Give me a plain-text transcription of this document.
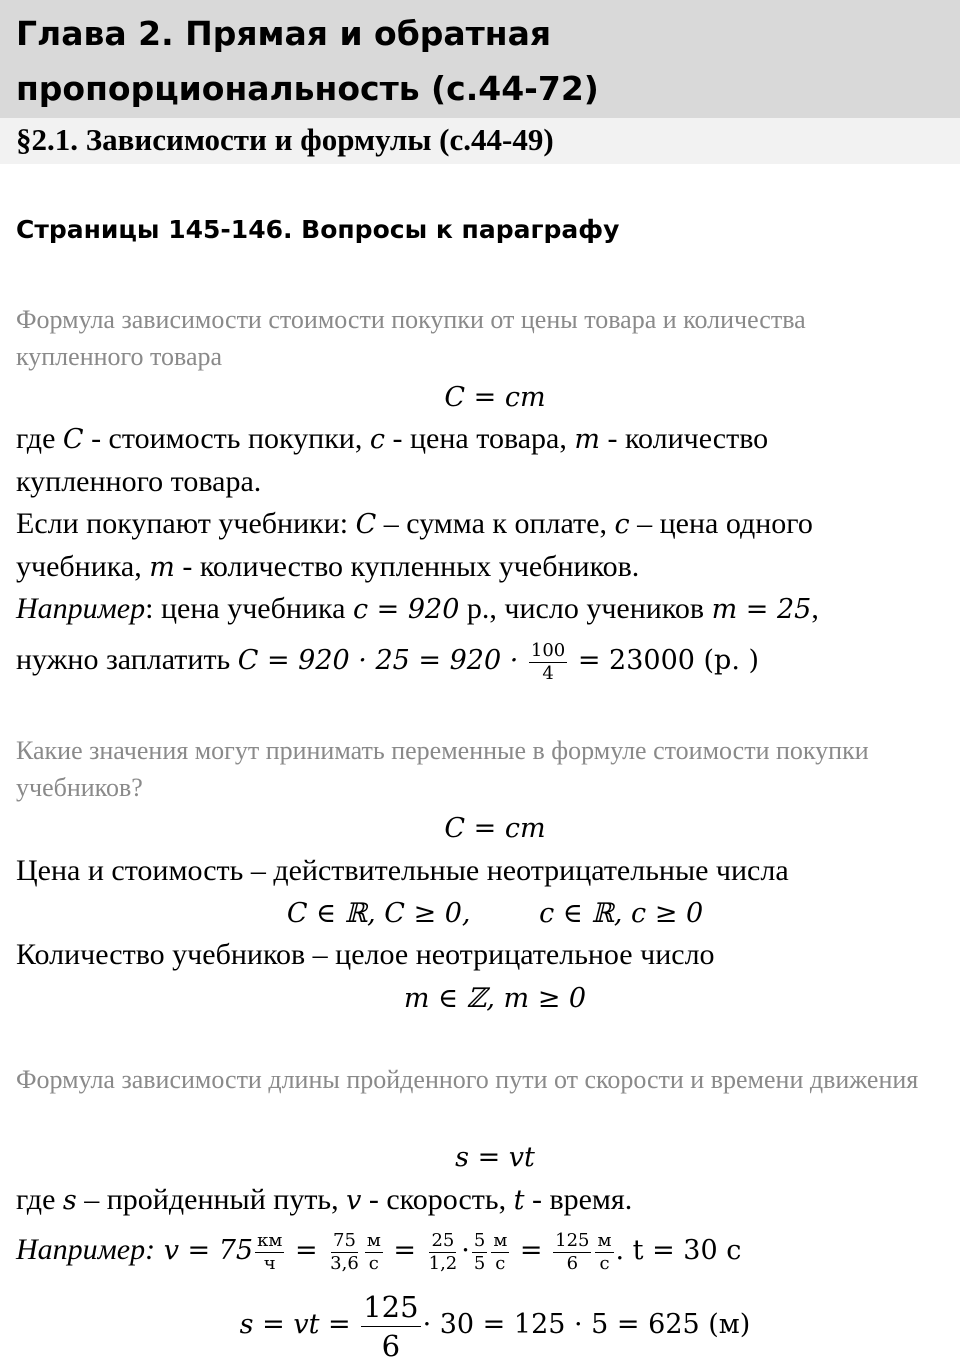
Глава 2. Прямая и обратная пропорциональность (с.44-72)
§2.1. Зависимости и формулы (с.44-49)
Страницы 145-146. Вопросы к параграфу

Формула зависимости стоимости покупки от цены товара и количества купленного товара

C = cm

где C - стоимость покупки, c - цена товара, m - количество

купленного товара.

Если покупают учебники: C – сумма к оплате, c – цена одного

учебника, m - количество купленных учебников.

Например: цена учебника c = 920 р., число учеников m = 25,

нужно заплатить $C = 920 \cdot 25 = 920 \cdot \frac{100}{4} = 23000$ (р. )

Какие значения могут принимать переменные в формуле стоимости покупки учебников?

C = cm

Цена и стоимость – действительные неотрицательные числа

C ∈ ℝ, C ≥ 0,        c ∈ ℝ, c ≥ 0

Количество учебников – целое неотрицательное число

m ∈ ℤ, m ≥ 0

Формула зависимости длины пройденного пути от скорости и времени движения

s = vt

где s – пройденный путь, v - скорость, t - время.

Например: $v = 75 \frac{км}{ч} = \frac{75}{3,6} \frac{м}{с} = \frac{25}{1,2} \cdot \frac{5}{5} \frac{м}{с} = \frac{125}{6} \frac{м}{с}$ . t = 30 с

s = vt = $\frac{125}{6} \cdot 30 = 125 \cdot 5 = 625$ (м)
